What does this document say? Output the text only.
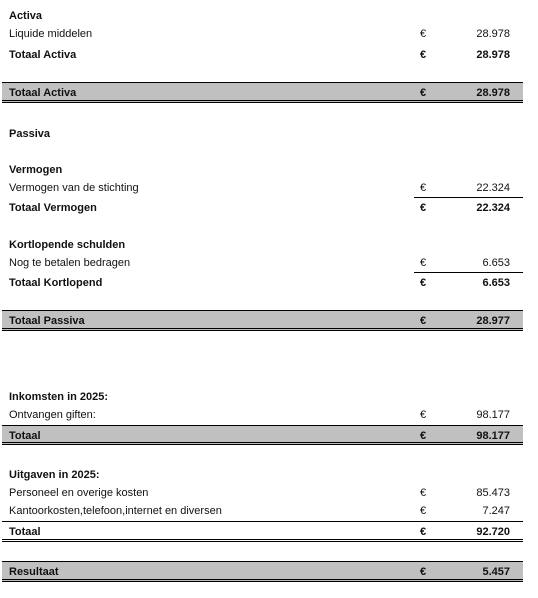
Activa
Liquide middelen	€	28.978
Totaal Activa	€	28.978
Totaal Activa	€	28.978
Passiva
Vermogen
Vermogen van de stichting	€	22.324
Totaal Vermogen	€	22.324
Kortlopende schulden
Nog te betalen bedragen	€	6.653
Totaal Kortlopend	€	6.653
Totaal Passiva	€	28.977
Inkomsten in 2025:
Ontvangen giften:	€	98.177
Totaal	€	98.177
Uitgaven in 2025:
Personeel en overige kosten	€	85.473
Kantoorkosten,telefoon,internet en diversen	€	7.247
Totaal	€	92.720
Resultaat	€	5.457
